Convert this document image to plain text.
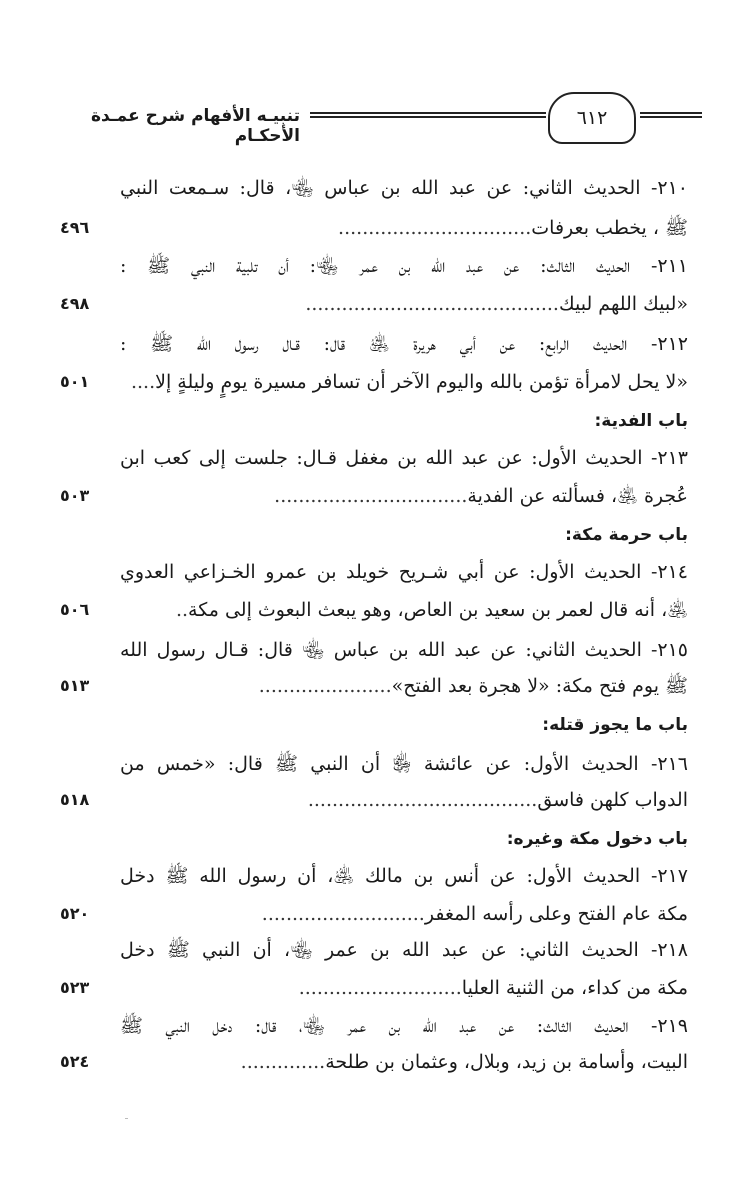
تنبيـه الأفهام شرح عمـدة الأحكـام
٦١٢
٢١٠- الحديث الثاني: عن عبد الله بن عباس ﵄، قال: سـمعت النبي
ﷺ ، يخطب بعرفات................................
٤٩٦
٢١١- الحديث الثالث: عن عبد الله بن عمر ﵄: أن تلبية النبي ﷺ :
«لبيك اللهم لبيك..........................................
٤٩٨
٢١٢- الحديث الرابع: عن أبي هريرة ﵁ قال: قـال رسول الله ﷺ :
«لا يحل لامرأة تؤمن بالله واليوم الآخر أن تسافر مسيرة يومٍ وليلةٍ إلا....
٥٠١
باب الفدية:
٢١٣- الحديث الأول: عن عبد الله بن مغفل قـال: جلست إلى كعب ابن
عُجرة ﵁، فسألته عن الفدية................................
٥٠٣
باب حرمة مكة:
٢١٤- الحديث الأول: عن أبي شـريح خويلد بن عمرو الخـزاعي العدوي
﵁، أنه قال لعمر بن سعيد بن العاص، وهو يبعث البعوث إلى مكة..
٥٠٦
٢١٥- الحديث الثاني: عن عبد الله بن عباس ﵄ قال: قـال رسول الله
ﷺ يوم فتح مكة: «لا هجرة بعد الفتح»......................
٥١٣
باب ما يجوز قتله:
٢١٦- الحديث الأول: عن عائشة ﵂ أن النبي ﷺ قال: «خمس من
الدواب كلهن فاسق......................................
٥١٨
باب دخول مكة وغيره:
٢١٧- الحديث الأول: عن أنس بن مالك ﵁، أن رسول الله ﷺ دخل
مكة عام الفتح وعلى رأسه المغفر...........................
٥٢٠
٢١٨- الحديث الثاني: عن عبد الله بن عمر ﵄، أن النبي ﷺ دخل
مكة من كداء، من الثنية العليا...........................
٥٢٣
٢١٩- الحديث الثالث: عن عبد الله بن عمر ﵄، قال: دخل النبي ﷺ
البيت، وأسامة بن زيد، وبلال، وعثمان بن طلحة..............
٥٢٤
